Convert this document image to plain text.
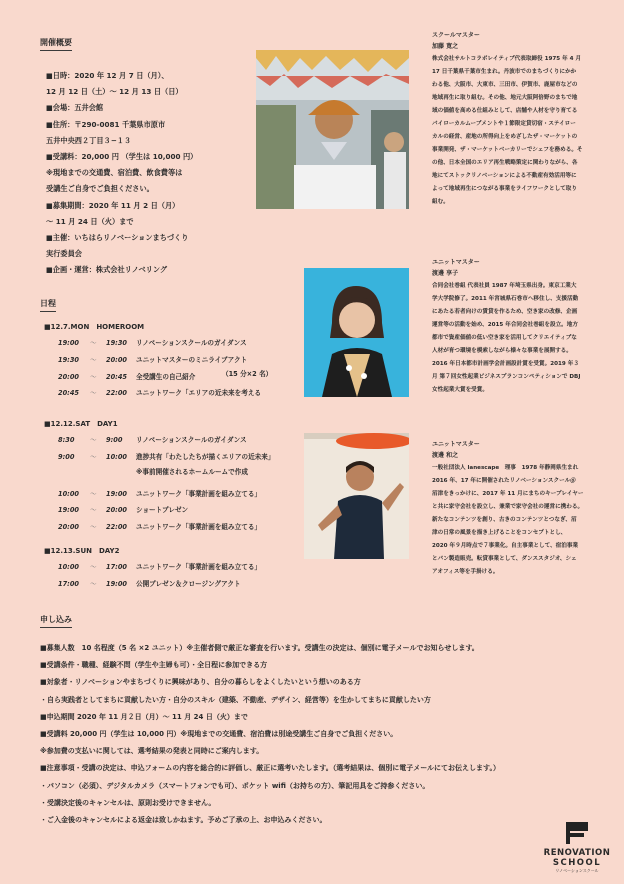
開催概要
■日時：2020 年 12 月 7 日（月）、
12 月 12 日（土）～ 12 月 13 日（日）
■会場：五井会館
■住所：〒290-0081 千葉県市原市
五井中央西２丁目３−１３
■受講料：20,000 円 （学生は 10,000 円）
※現地までの交通費、宿泊費、飲食費等は
受講生ご自身でご負担ください。
■募集期間：2020 年 11 月 2 日（月）
～ 11 月 24 日（火）まで
■主催：いちはらリノベーションまちづくり
実行委員会
■企画・運営：株式会社リノベリング
日程
■12.7.MON　HOMEROOM
19:00 ～ 19:30 リノベーションスクールのガイダンス
19:30 ～ 20:00 ユニットマスターのミニライブアクト
20:00 ～ 20:45 全受講生の自己紹介
20:45 ～ 22:00 ユニットワーク「エリアの近未来を考える
（15 分×2 名）
■12.12.SAT　DAY1
8:30 ～ 9:00 リノベーションスクールのガイダンス
9:00 ～ 10:00 進捗共有「わたしたちが描くエリアの近未来」
※事前開催されるホームルームで作成
10:00 ～ 19:00 ユニットワーク「事業計画を組み立てる」
19:00 ～ 20:00 ショートプレゼン
20:00 ～ 22:00 ユニットワーク「事業計画を組み立てる」
■12.13.SUN　DAY2
10:00 ～ 17:00 ユニットワーク「事業計画を組み立てる」
17:00 ～ 19:00 公開プレゼン＆クロージングアクト
スクールマスター
加藤 寛之
株式会社サルトコラボレイティブ代表取締役 1975 年 4 月
17 日千葉県千葉市生まれ。丹波市でのまちづくりにかか
わる他、大阪市、大東市、三田市、伊賀市、鹿屋市などの
地域再生に取り組む。その他、地元大阪阿倍野のまちで地
域の価値を高める仕組みとして、店舗や人材を守り育てる
パイローカルムーブメントや１節限定貸切宿・ステイロー
カルの経営、産地の所得向上をめざしたザ・マーケットの
事業開発、ザ・マーケットベーカリーでシェフを務める。そ
の他、日本全国のエリア再生戦略策定に関わりながら、各
地にてストックリノベーションによる不動産有効活用等に
よって地域再生につながる事業をライフワークとして取り
組む。
ユニットマスター
渡邊 享子
合同会社巻組 代表社員 1987 年埼玉県出身。東京工業大
学大学院修了。2011 年宮城県石巻市へ移住し、支援活動
にあたる若者向けの賃貸を作るため、空き家の改修、企画
運営等の活動を始め、2015 年合同会社巻組を設立。地方
都市で資産価値の低い空き家を活用してクリエイティブな
人材が育つ環境を模索しながら様々な事業を展開する。
2016 年日本都市計画学会計画設計賞を受賞。2019 年３
月 第７回女性起業ビジネスプランコンペティションで DBJ
女性起業大賞を受賞。
ユニットマスター
渡邊 和之
一般社団法人 lanescape　理事　1978 年静岡県生まれ
2016 年、17 年に開催されたリノベーションスクール＠
沼津をきっかけに、2017 年 11 月にまちのキープレイヤー
と共に家守会社を設立し、兼業で家守会社の運営に携わる。
新たなコンテンツを創り、古きのコンテンツとつなぎ、沼
津の日常の風景を描き上げることをコンセプトとし、
2020 年９月時点で７事業化。自主事業として、宿泊事業
とパン製造販売。転貸事業として、ダンススタジオ、シェ
アオフィス等を手掛ける。
申し込み
■募集人数　10 名程度（5 名 ×2 ユニット）※主催者側で厳正な審査を行います。受講生の決定は、個別に電子メールでお知らせします。
■受講条件・職種、経験不問（学生や主婦も可）・全日程に参加できる方
■対象者・リノベーションやまちづくりに興味があり、自分の暮らしをよくしたいという想いのある方
・自ら実践者としてまちに貢献したい方・自分のスキル（建築、不動産、デザイン、経営等）を生かしてまちに貢献したい方
■申込期間 2020 年 11 月２日（月）～ 11 月 24 日（火）まで
■受講料 20,000 円（学生は 10,000 円）※現地までの交通費、宿泊費は別途受講生ご自身でご負担ください。
※参加費の支払いに関しては、選考結果の発表と同時にご案内します。
■注意事項・受講の決定は、申込フォームの内容を総合的に評価し、厳正に選考いたします。（選考結果は、個別に電子メールにてお伝えします。）
・パソコン（必須）、デジタルカメラ（スマートフォンでも可）、ポケット wifi（お持ちの方）、筆記用具をご持参ください。
・受講決定後のキャンセルは、原則お受けできません。
・ご入金後のキャンセルによる返金は致しかねます。予めご了承の上、お申込みください。
RENOVATION
SCHOOL
リノベーションスクール
